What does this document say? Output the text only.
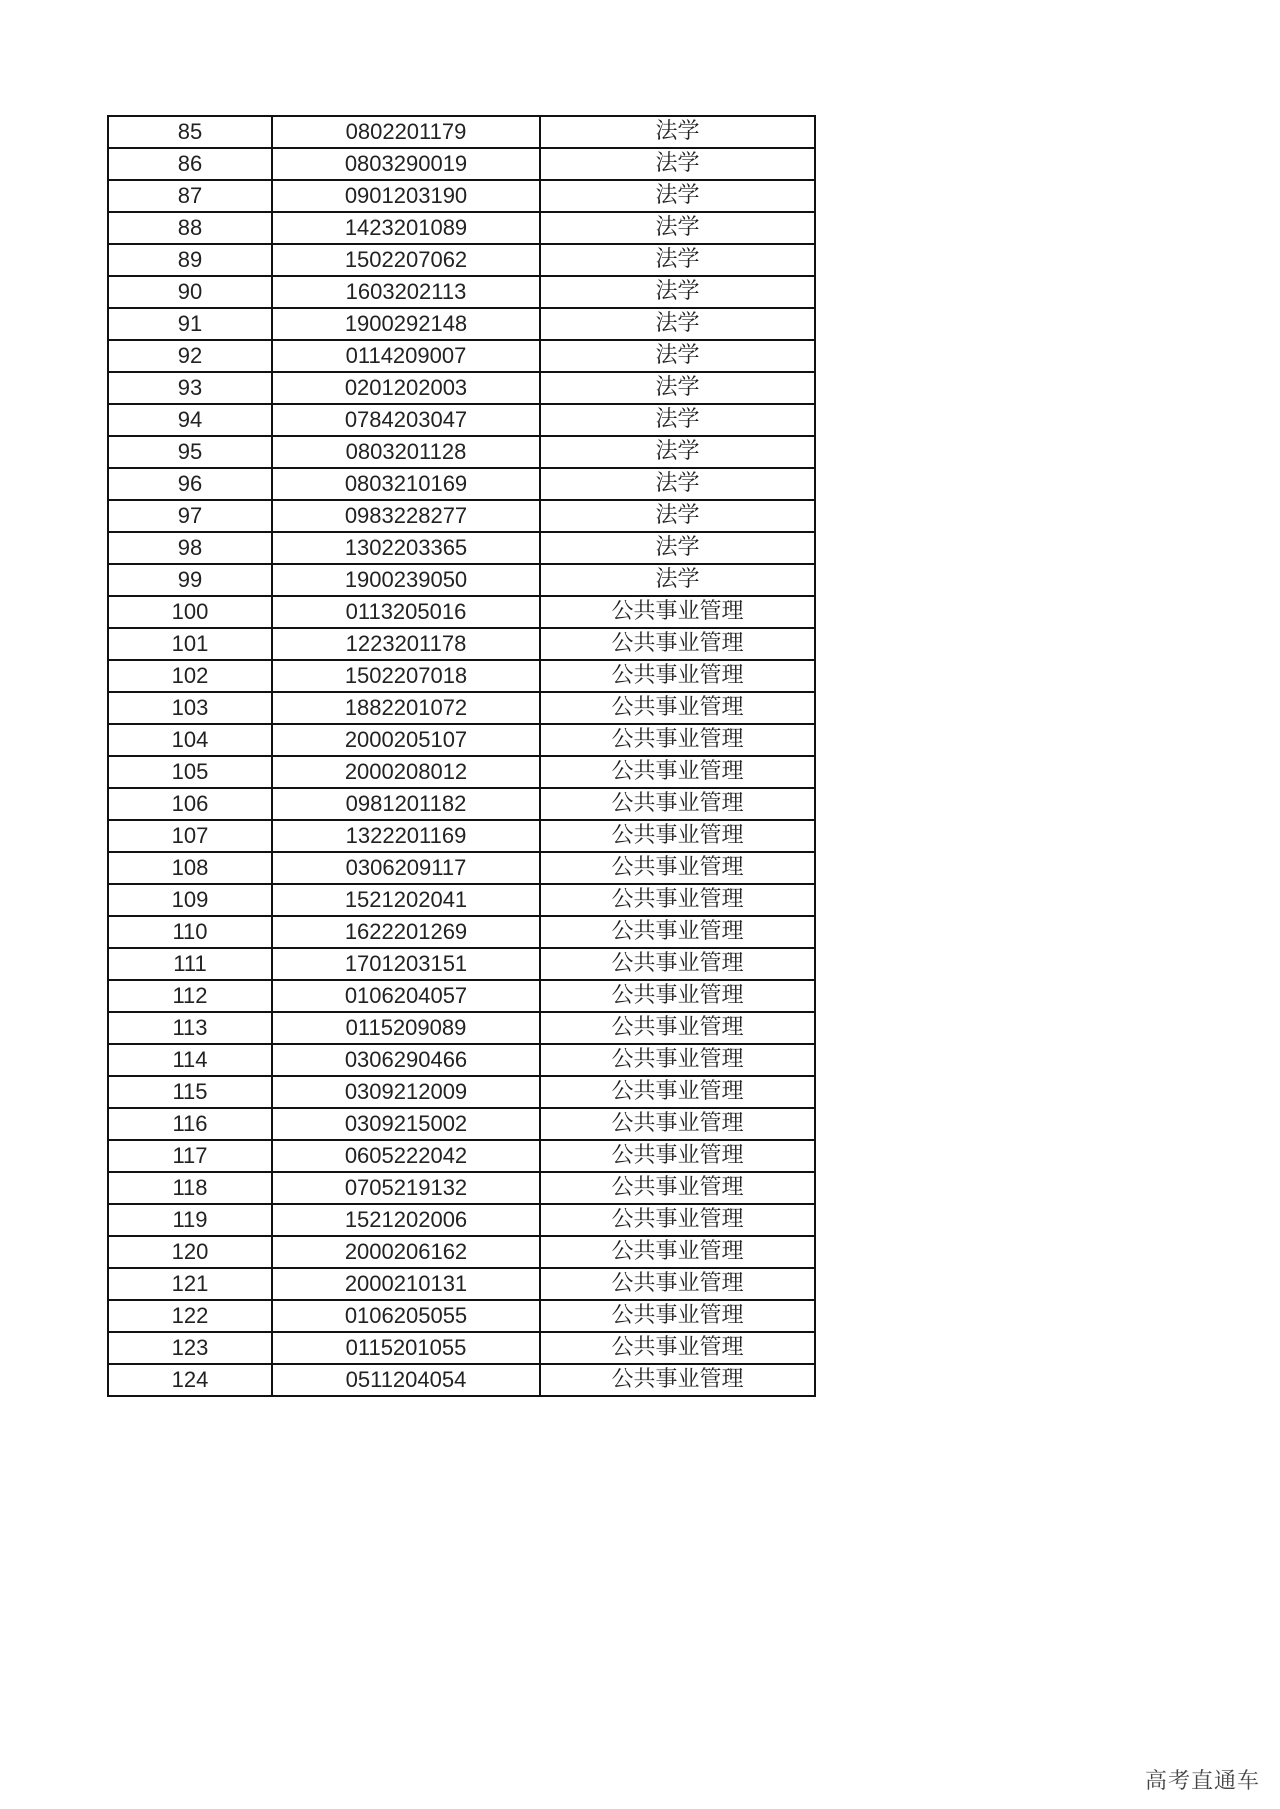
85	0802201179	法学
86	0803290019	法学
87	0901203190	法学
88	1423201089	法学
89	1502207062	法学
90	1603202113	法学
91	1900292148	法学
92	0114209007	法学
93	0201202003	法学
94	0784203047	法学
95	0803201128	法学
96	0803210169	法学
97	0983228277	法学
98	1302203365	法学
99	1900239050	法学
100	0113205016	公共事业管理
101	1223201178	公共事业管理
102	1502207018	公共事业管理
103	1882201072	公共事业管理
104	2000205107	公共事业管理
105	2000208012	公共事业管理
106	0981201182	公共事业管理
107	1322201169	公共事业管理
108	0306209117	公共事业管理
109	1521202041	公共事业管理
110	1622201269	公共事业管理
111	1701203151	公共事业管理
112	0106204057	公共事业管理
113	0115209089	公共事业管理
114	0306290466	公共事业管理
115	0309212009	公共事业管理
116	0309215002	公共事业管理
117	0605222042	公共事业管理
118	0705219132	公共事业管理
119	1521202006	公共事业管理
120	2000206162	公共事业管理
121	2000210131	公共事业管理
122	0106205055	公共事业管理
123	0115201055	公共事业管理
124	0511204054	公共事业管理
高考直通车
